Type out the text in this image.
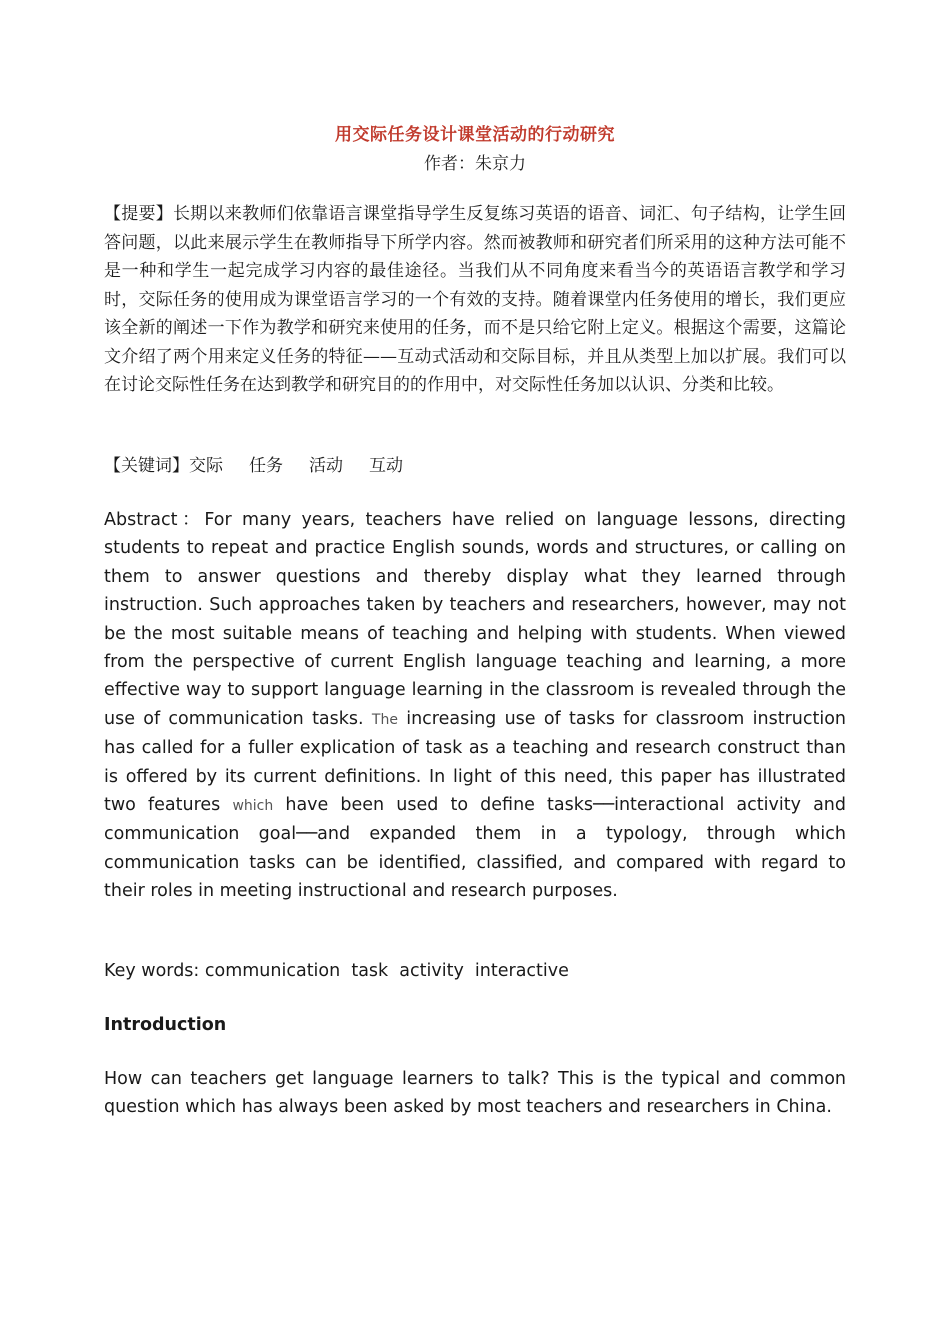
用交际任务设计课堂活动的行动研究
作者：朱京力
【提要】长期以来教师们依靠语言课堂指导学生反复练习英语的语音、词汇、句子结构，让学生回答问题，以此来展示学生在教师指导下所学内容。然而被教师和研究者们所采用的这种方法可能不是一种和学生一起完成学习内容的最佳途径。当我们从不同角度来看当今的英语语言教学和学习时，交际任务的使用成为课堂语言学习的一个有效的支持。随着课堂内任务使用的增长，我们更应该全新的阐述一下作为教学和研究来使用的任务，而不是只给它附上定义。根据这个需要，这篇论文介绍了两个用来定义任务的特征——互动式活动和交际目标，并且从类型上加以扩展。我们可以在讨论交际性任务在达到教学和研究目的的作用中，对交际性任务加以认识、分类和比较。
【关键词】交际 任务 活动 互动
Abstract：For many years, teachers have relied on language lessons, directing students to repeat and practice English sounds, words and structures, or calling on them to answer questions and thereby display what they learned through instruction. Such approaches taken by teachers and researchers, however, may not be the most suitable means of teaching and helping with students. When viewed from the perspective of current English language teaching and learning, a more effective way to support language learning in the classroom is revealed through the use of communication tasks. The increasing use of tasks for classroom instruction has called for a fuller explication of task as a teaching and research construct than is offered by its current definitions. In light of this need, this paper has illustrated two features which have been used to define tasks──interactional activity and communication goal──and expanded them in a typology, through which communication tasks can be identified, classified, and compared with regard to their roles in meeting instructional and research purposes.
Key words: communication  task  activity  interactive
Introduction
How can teachers get language learners to talk? This is the typical and common question which has always been asked by most teachers and researchers in China.
